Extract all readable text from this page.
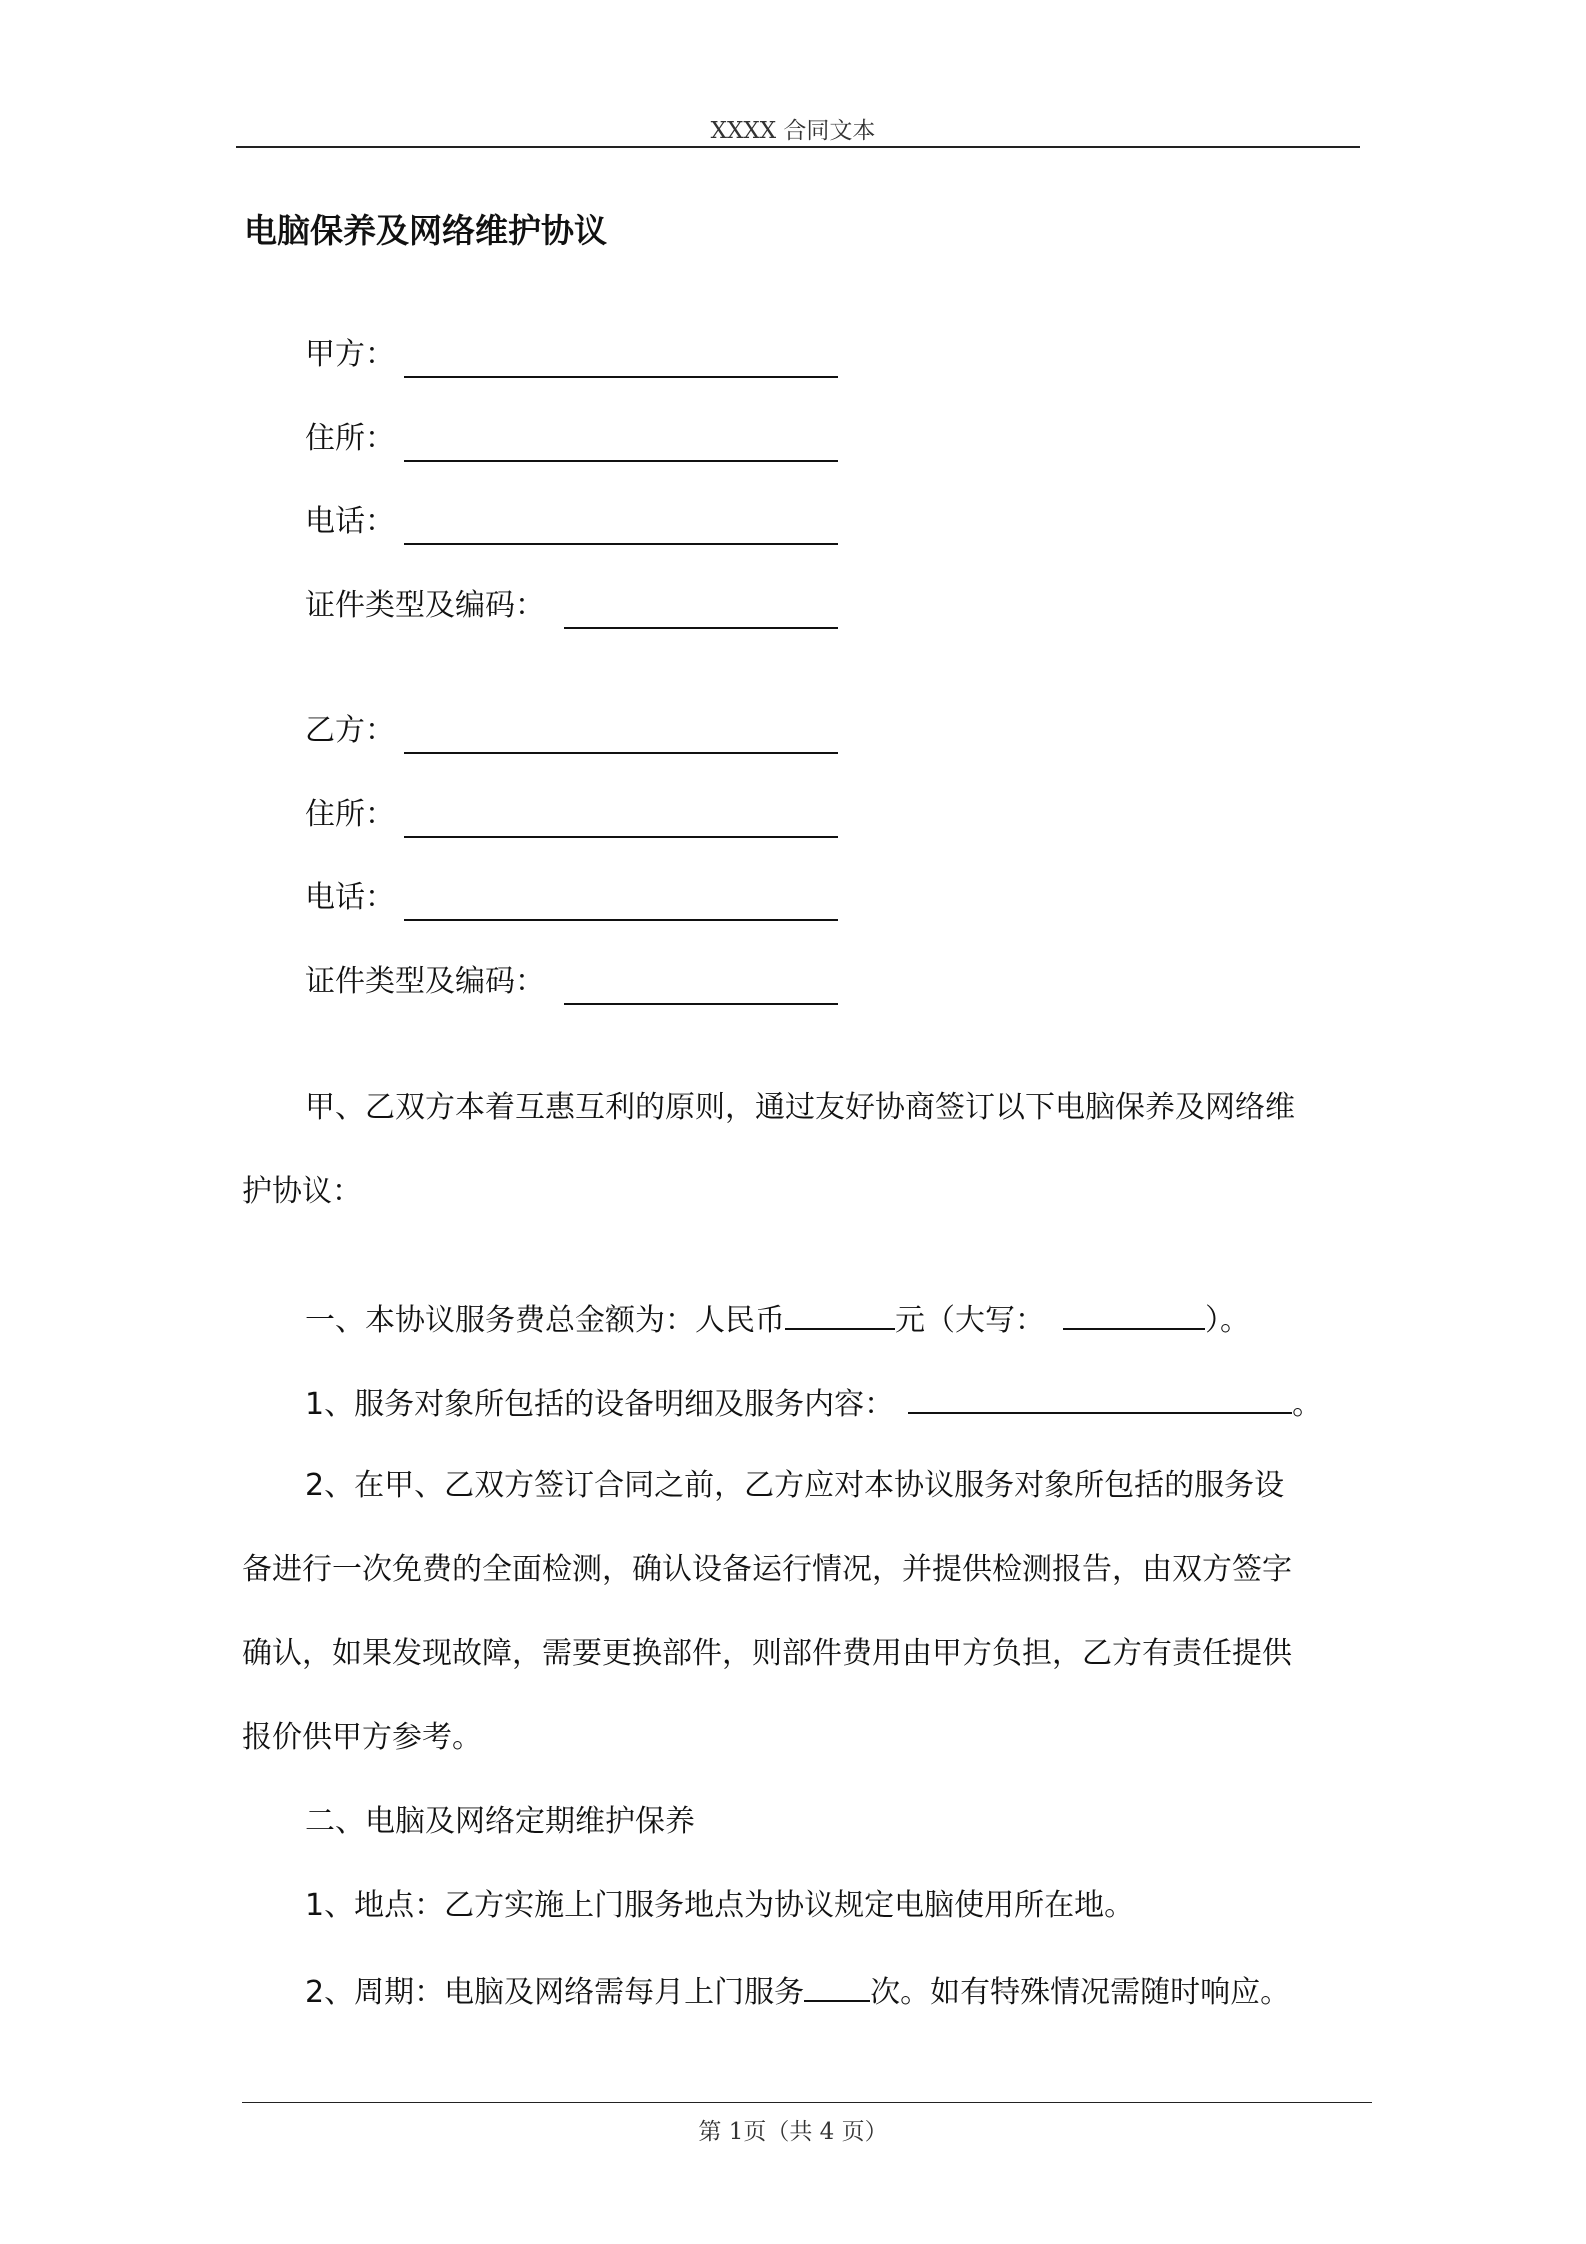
XXXX 合同文本
电脑保养及网络维护协议
甲方：
住所：
电话：
证件类型及编码：
乙方：
住所：
电话：
证件类型及编码：
甲、乙双方本着互惠互利的原则，通过友好协商签订以下电脑保养及网络维
护协议：
一、本协议服务费总金额为：人民币	元（大写：	）。
1、服务对象所包括的设备明细及服务内容：	。
2、在甲、乙双方签订合同之前，乙方应对本协议服务对象所包括的服务设
备进行一次免费的全面检测，确认设备运行情况，并提供检测报告，由双方签字
确认，如果发现故障，需要更换部件，则部件费用由甲方负担，乙方有责任提供
报价供甲方参考。
二、电脑及网络定期维护保养
1、地点：乙方实施上门服务地点为协议规定电脑使用所在地。
2、周期：电脑及网络需每月上门服务 次。如有特殊情况需随时响应。
第 1页（共 4 页）
